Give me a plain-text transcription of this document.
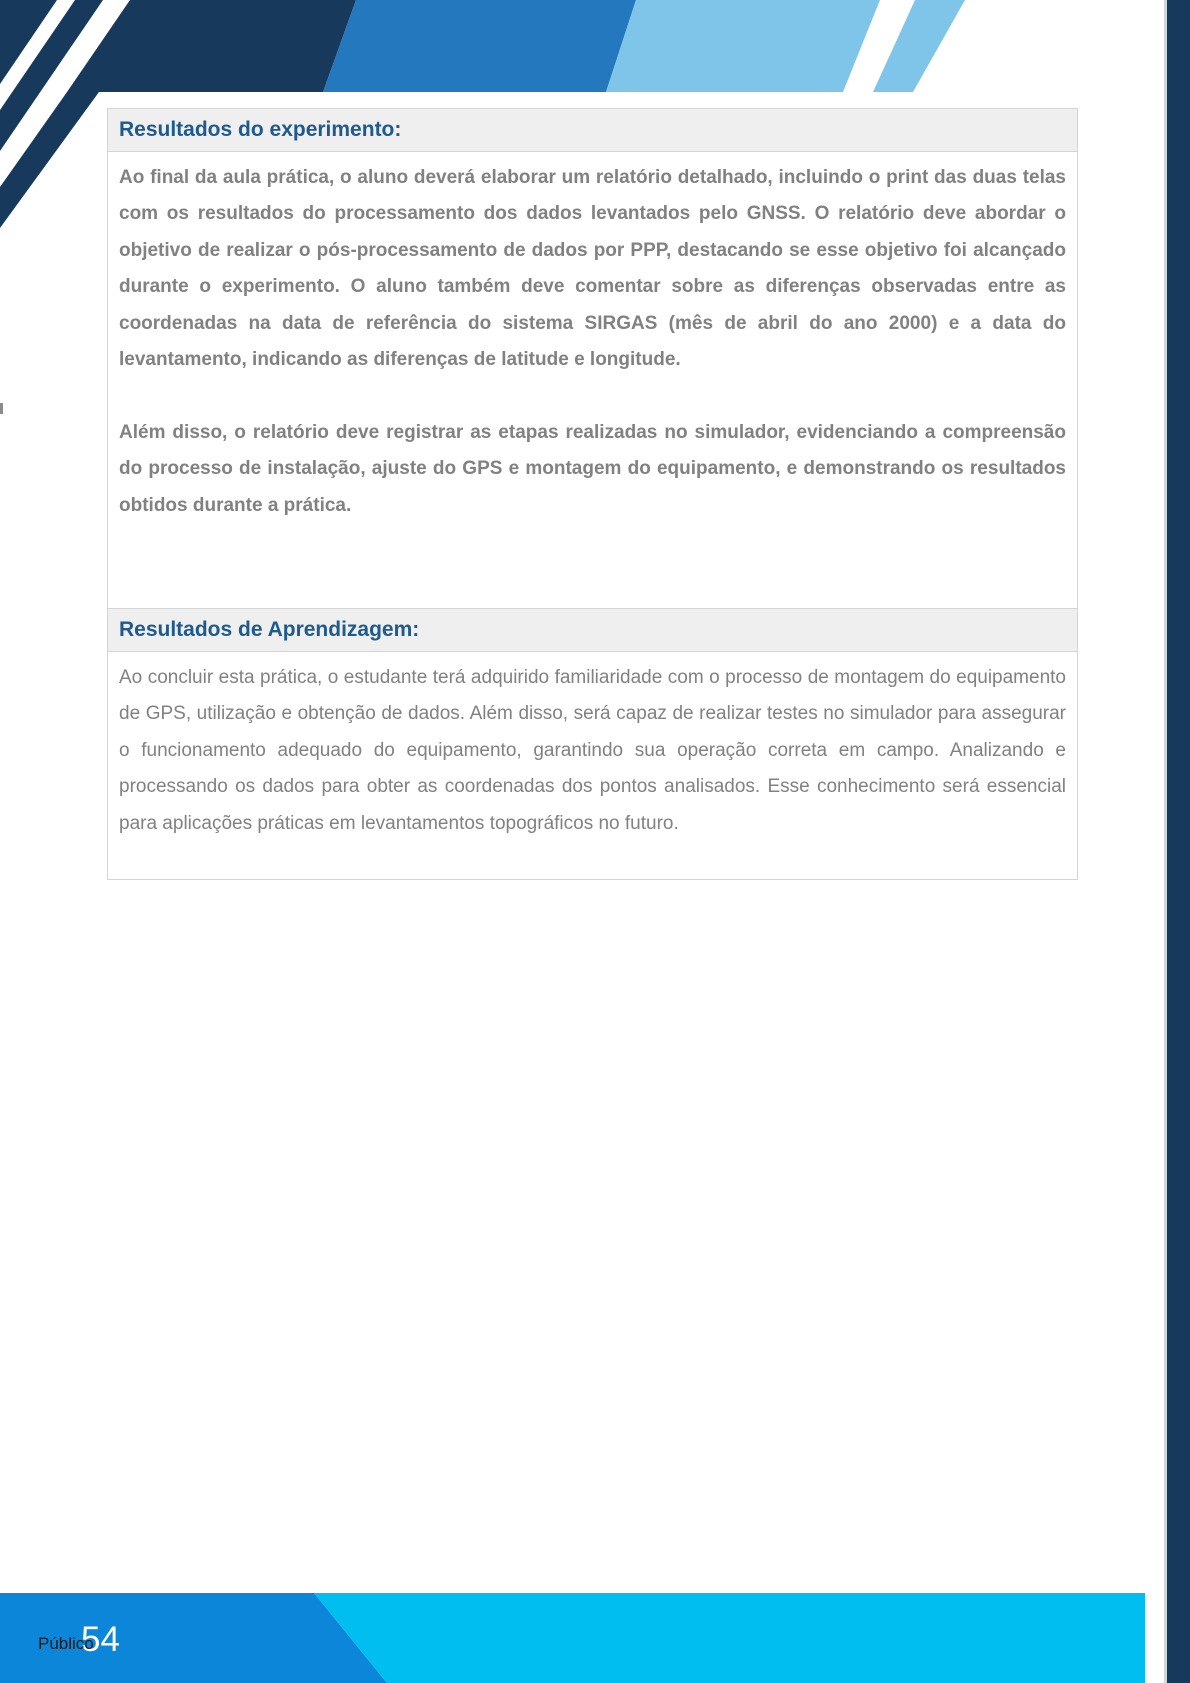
Resultados do experimento:

Ao final da aula prática, o aluno deverá elaborar um relatório detalhado, incluindo o print das duas telas com os resultados do processamento dos dados levantados pelo GNSS. O relatório deve abordar o objetivo de realizar o pós-processamento de dados por PPP, destacando se esse objetivo foi alcançado durante o experimento. O aluno também deve comentar sobre as diferenças observadas entre as coordenadas na data de referência do sistema SIRGAS (mês de abril do ano 2000) e a data do levantamento, indicando as diferenças de latitude e longitude.

Além disso, o relatório deve registrar as etapas realizadas no simulador, evidenciando a compreensão do processo de instalação, ajuste do GPS e montagem do equipamento, e demonstrando os resultados obtidos durante a prática.

Resultados de Aprendizagem:

Ao concluir esta prática, o estudante terá adquirido familiaridade com o processo de montagem do equipamento de GPS, utilização e obtenção de dados. Além disso, será capaz de realizar testes no simulador para assegurar o funcionamento adequado do equipamento, garantindo sua operação correta em campo. Analizando e processando os dados para obter as coordenadas dos pontos analisados. Esse conhecimento será essencial para aplicações práticas em levantamentos topográficos no futuro.

54
Público
